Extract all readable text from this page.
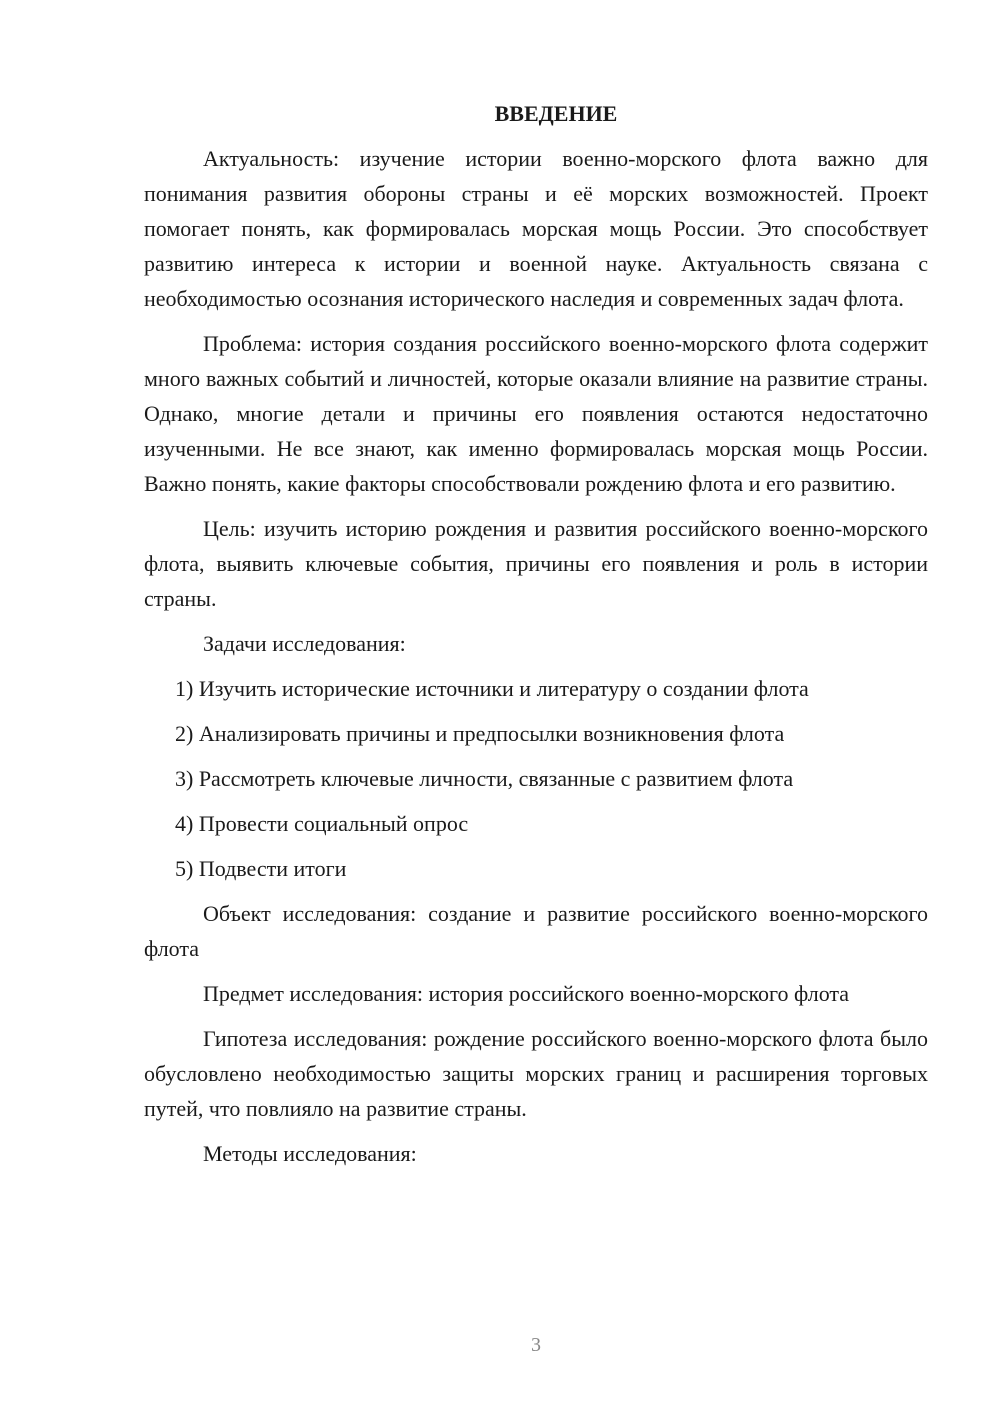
ВВЕДЕНИЕ

Актуальность: изучение истории военно-морского флота важно для понимания развития обороны страны и её морских возможностей. Проект помогает понять, как формировалась морская мощь России. Это способствует развитию интереса к истории и военной науке. Актуальность связана с необходимостью осознания исторического наследия и современных задач флота.

Проблема: история создания российского военно-морского флота содержит много важных событий и личностей, которые оказали влияние на развитие страны. Однако, многие детали и причины его появления остаются недостаточно изученными. Не все знают, как именно формировалась морская мощь России. Важно понять, какие факторы способствовали рождению флота и его развитию.

Цель: изучить историю рождения и развития российского военно-морского флота, выявить ключевые события, причины его появления и роль в истории страны.

Задачи исследования:

1) Изучить исторические источники и литературу о создании флота
2) Анализировать причины и предпосылки возникновения флота
3) Рассмотреть ключевые личности, связанные с развитием флота
4) Провести социальный опрос
5) Подвести итоги

Объект исследования: создание и развитие российского военно-морского флота

Предмет исследования: история российского военно-морского флота

Гипотеза исследования: рождение российского военно-морского флота было обусловлено необходимостью защиты морских границ и расширения торговых путей, что повлияло на развитие страны.

Методы исследования:

3
